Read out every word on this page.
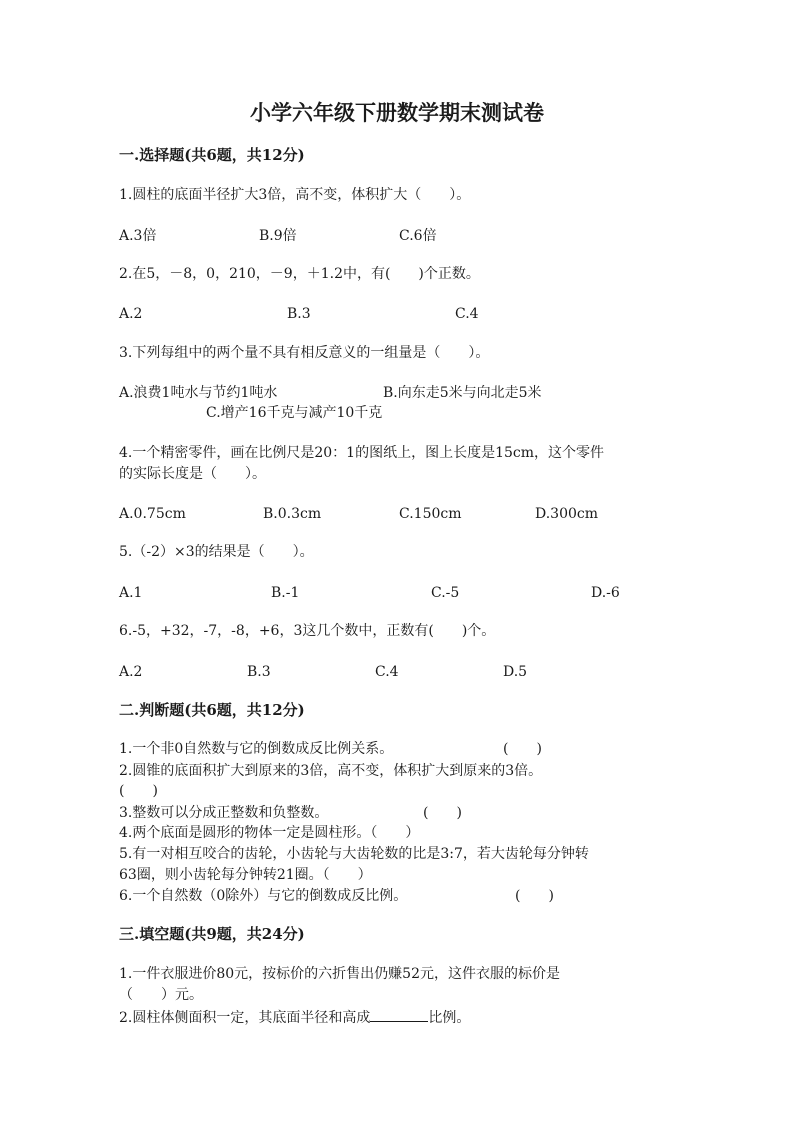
小学六年级下册数学期末测试卷
一.选择题(共6题，共12分)
1.圆柱的底面半径扩大3倍，高不变，体积扩大（　　）。
A.3倍	B.9倍	C.6倍
2.在5，－8，0，210，－9，＋1.2中，有(　　)个正数。
A.2	B.3	C.4
3.下列每组中的两个量不具有相反意义的一组量是（　　）。
A.浪费1吨水与节约1吨水	B.向东走5米与向北走5米
C.增产16千克与减产10千克
4.一个精密零件，画在比例尺是20：1的图纸上，图上长度是15cm，这个零件
的实际长度是（　　）。
A.0.75cm	B.0.3cm	C.150cm	D.300cm
5.（-2）×3的结果是（　　）。
A.1	B.-1	C.-5	D.-6
6.-5，+32，-7，-8，+6，3这几个数中，正数有(　　)个。
A.2	B.3	C.4	D.5
二.判断题(共6题，共12分)
1.一个非0自然数与它的倒数成反比例关系。	(　　)
2.圆锥的底面积扩大到原来的3倍，高不变，体积扩大到原来的3倍。
(　　)
3.整数可以分成正整数和负整数。	(　　)
4.两个底面是圆形的物体一定是圆柱形。（　　）
5.有一对相互咬合的齿轮，小齿轮与大齿轮数的比是3:7，若大齿轮每分钟转
63圈，则小齿轮每分钟转21圈。（　　）
6.一个自然数（0除外）与它的倒数成反比例。	(　　)
三.填空题(共9题，共24分)
1.一件衣服进价80元，按标价的六折售出仍赚52元，这件衣服的标价是
（　　）元。
2.圆柱体侧面积一定，其底面半径和高成	比例。
